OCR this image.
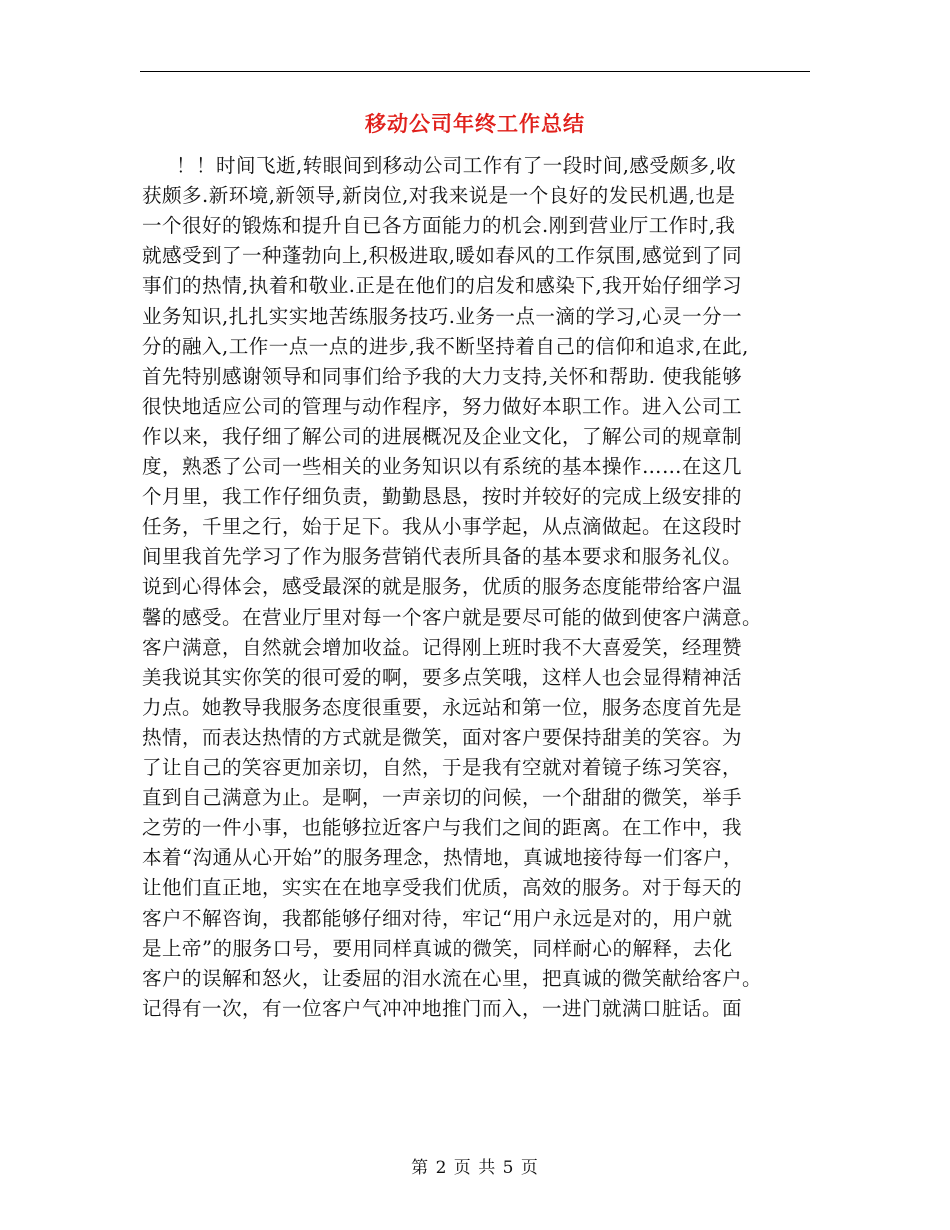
移动公司年终工作总结
！！时间飞逝,转眼间到移动公司工作有了一段时间,感受颇多,收
获颇多.新环境,新领导,新岗位,对我来说是一个良好的发民机遇,也是
一个很好的锻炼和提升自已各方面能力的机会.刚到营业厅工作时,我
就感受到了一种蓬勃向上,积极进取,暖如春风的工作氛围,感觉到了同
事们的热情,执着和敬业.正是在他们的启发和感染下,我开始仔细学习
业务知识,扎扎实实地苦练服务技巧.业务一点一滴的学习,心灵一分一
分的融入,工作一点一点的进步,我不断坚持着自己的信仰和追求,在此,
首先特别感谢领导和同事们给予我的大力支持,关怀和帮助. 使我能够
很快地适应公司的管理与动作程序，努力做好本职工作。进入公司工
作以来，我仔细了解公司的进展概况及企业文化，了解公司的规章制
度，熟悉了公司一些相关的业务知识以有系统的基本操作……在这几
个月里，我工作仔细负责，勤勤恳恳，按时并较好的完成上级安排的
任务，千里之行，始于足下。我从小事学起，从点滴做起。在这段时
间里我首先学习了作为服务营销代表所具备的基本要求和服务礼仪。
说到心得体会，感受最深的就是服务，优质的服务态度能带给客户温
馨的感受。在营业厅里对每一个客户就是要尽可能的做到使客户满意。
客户满意，自然就会增加收益。记得刚上班时我不大喜爱笑，经理赞
美我说其实你笑的很可爱的啊，要多点笑哦，这样人也会显得精神活
力点。她教导我服务态度很重要，永远站和第一位，服务态度首先是
热情，而表达热情的方式就是微笑，面对客户要保持甜美的笑容。为
了让自己的笑容更加亲切，自然，于是我有空就对着镜子练习笑容，
直到自己满意为止。是啊，一声亲切的问候，一个甜甜的微笑，举手
之劳的一件小事，也能够拉近客户与我们之间的距离。在工作中，我
本着“沟通从心开始”的服务理念，热情地，真诚地接待每一们客户，
让他们直正地，实实在在地享受我们优质，高效的服务。对于每天的
客户不解咨询，我都能够仔细对待，牢记“用户永远是对的，用户就
是上帝”的服务口号，要用同样真诚的微笑，同样耐心的解释，去化
客户的误解和怒火，让委屈的泪水流在心里，把真诚的微笑献给客户。
记得有一次，有一位客户气冲冲地推门而入，一进门就满口脏话。面
第 2 页 共 5 页
